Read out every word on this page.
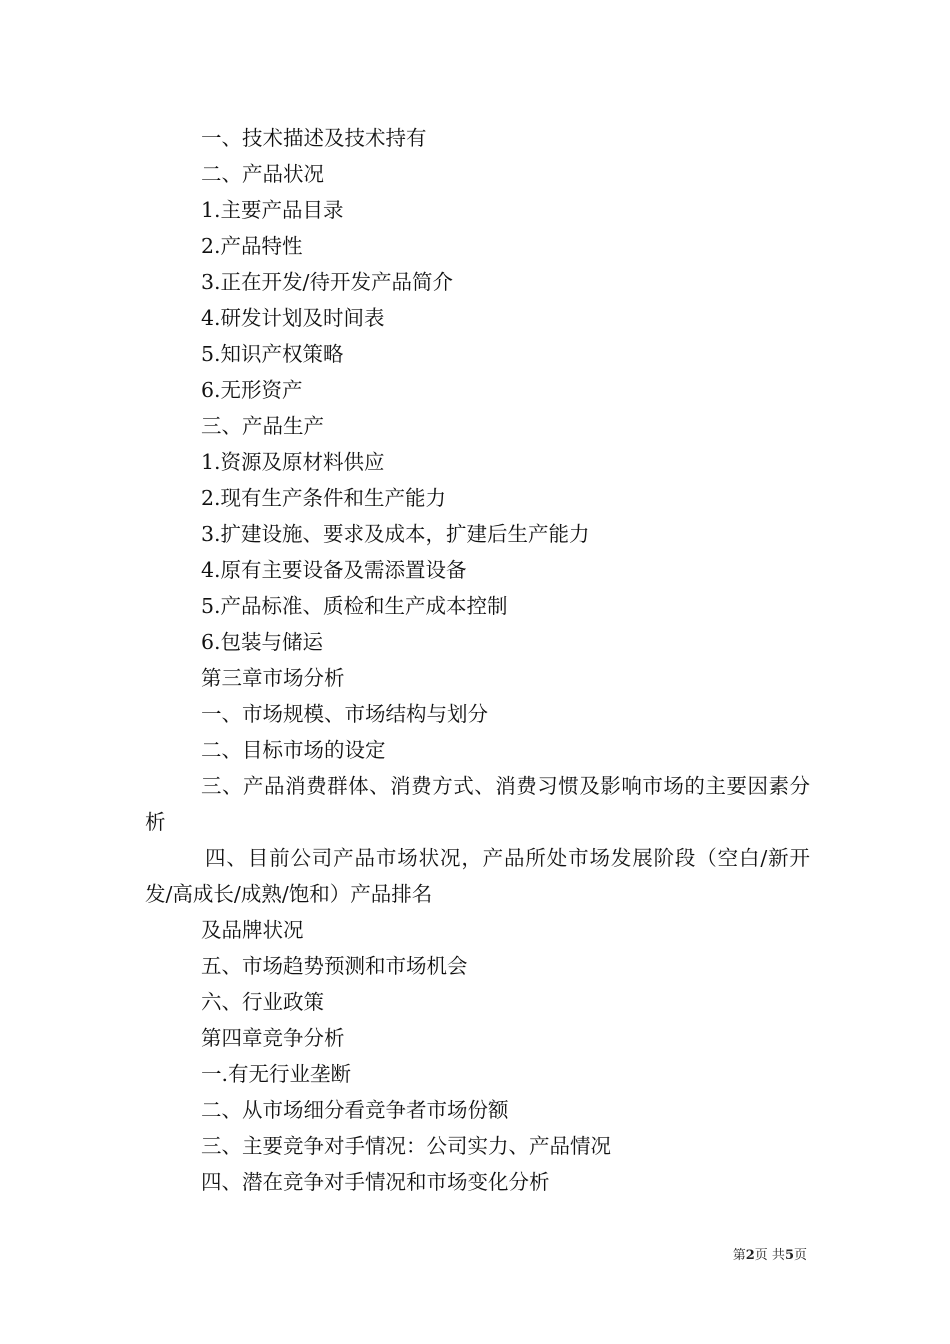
一、技术描述及技术持有
二、产品状况
1.主要产品目录
2.产品特性
3.正在开发/待开发产品简介
4.研发计划及时间表
5.知识产权策略
6.无形资产
三、产品生产
1.资源及原材料供应
2.现有生产条件和生产能力
3.扩建设施、要求及成本，扩建后生产能力
4.原有主要设备及需添置设备
5.产品标准、质检和生产成本控制
6.包装与储运
第三章市场分析
一、市场规模、市场结构与划分
二、目标市场的设定

三、产品消费群体、消费方式、消费习惯及影响市场的主要因素分析

四、目前公司产品市场状况，产品所处市场发展阶段（空白/新开发/高成长/成熟/饱和）产品排名

及品牌状况
五、市场趋势预测和市场机会
六、行业政策
第四章竞争分析
一.有无行业垄断
二、从市场细分看竞争者市场份额
三、主要竞争对手情况：公司实力、产品情况
四、潜在竞争对手情况和市场变化分析
第2页 共5页
